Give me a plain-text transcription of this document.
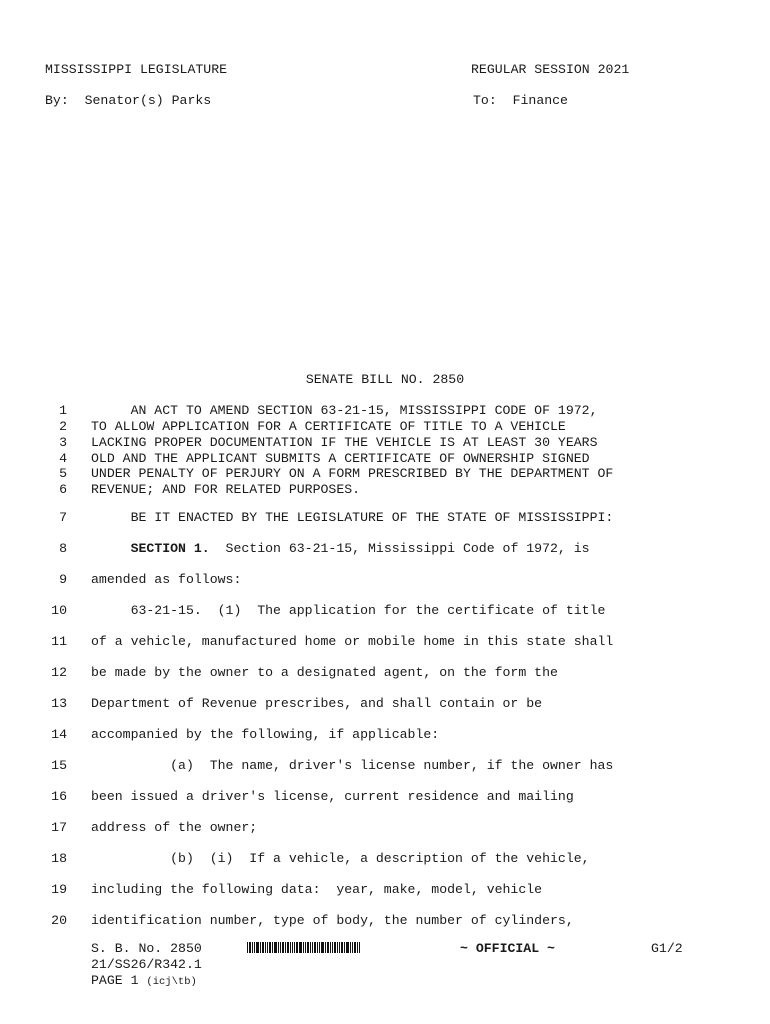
MISSISSIPPI LEGISLATURE	REGULAR SESSION 2021
By: Senator(s) Parks	To: Finance

SENATE BILL NO. 2850

1 AN ACT TO AMEND SECTION 63-21-15, MISSISSIPPI CODE OF 1972,
2 TO ALLOW APPLICATION FOR A CERTIFICATE OF TITLE TO A VEHICLE
3 LACKING PROPER DOCUMENTATION IF THE VEHICLE IS AT LEAST 30 YEARS
4 OLD AND THE APPLICANT SUBMITS A CERTIFICATE OF OWNERSHIP SIGNED
5 UNDER PENALTY OF PERJURY ON A FORM PRESCRIBED BY THE DEPARTMENT OF
6 REVENUE; AND FOR RELATED PURPOSES.
7 BE IT ENACTED BY THE LEGISLATURE OF THE STATE OF MISSISSIPPI:
8	SECTION 1.  Section 63-21-15, Mississippi Code of 1972, is
9 amended as follows:
10 63-21-15.  (1)  The application for the certificate of title
11 of a vehicle, manufactured home or mobile home in this state shall
12 be made by the owner to a designated agent, on the form the
13 Department of Revenue prescribes, and shall contain or be
14 accompanied by the following, if applicable:
15 (a)  The name, driver's license number, if the owner has
16 been issued a driver's license, current residence and mailing
17 address of the owner;
18 (b)  (i)  If a vehicle, a description of the vehicle,
19 including the following data:  year, make, model, vehicle
20 identification number, type of body, the number of cylinders,
S. B. No. 2850	~ OFFICIAL ~	G1/2
21/SS26/R342.1
PAGE 1 (icj\tb)
